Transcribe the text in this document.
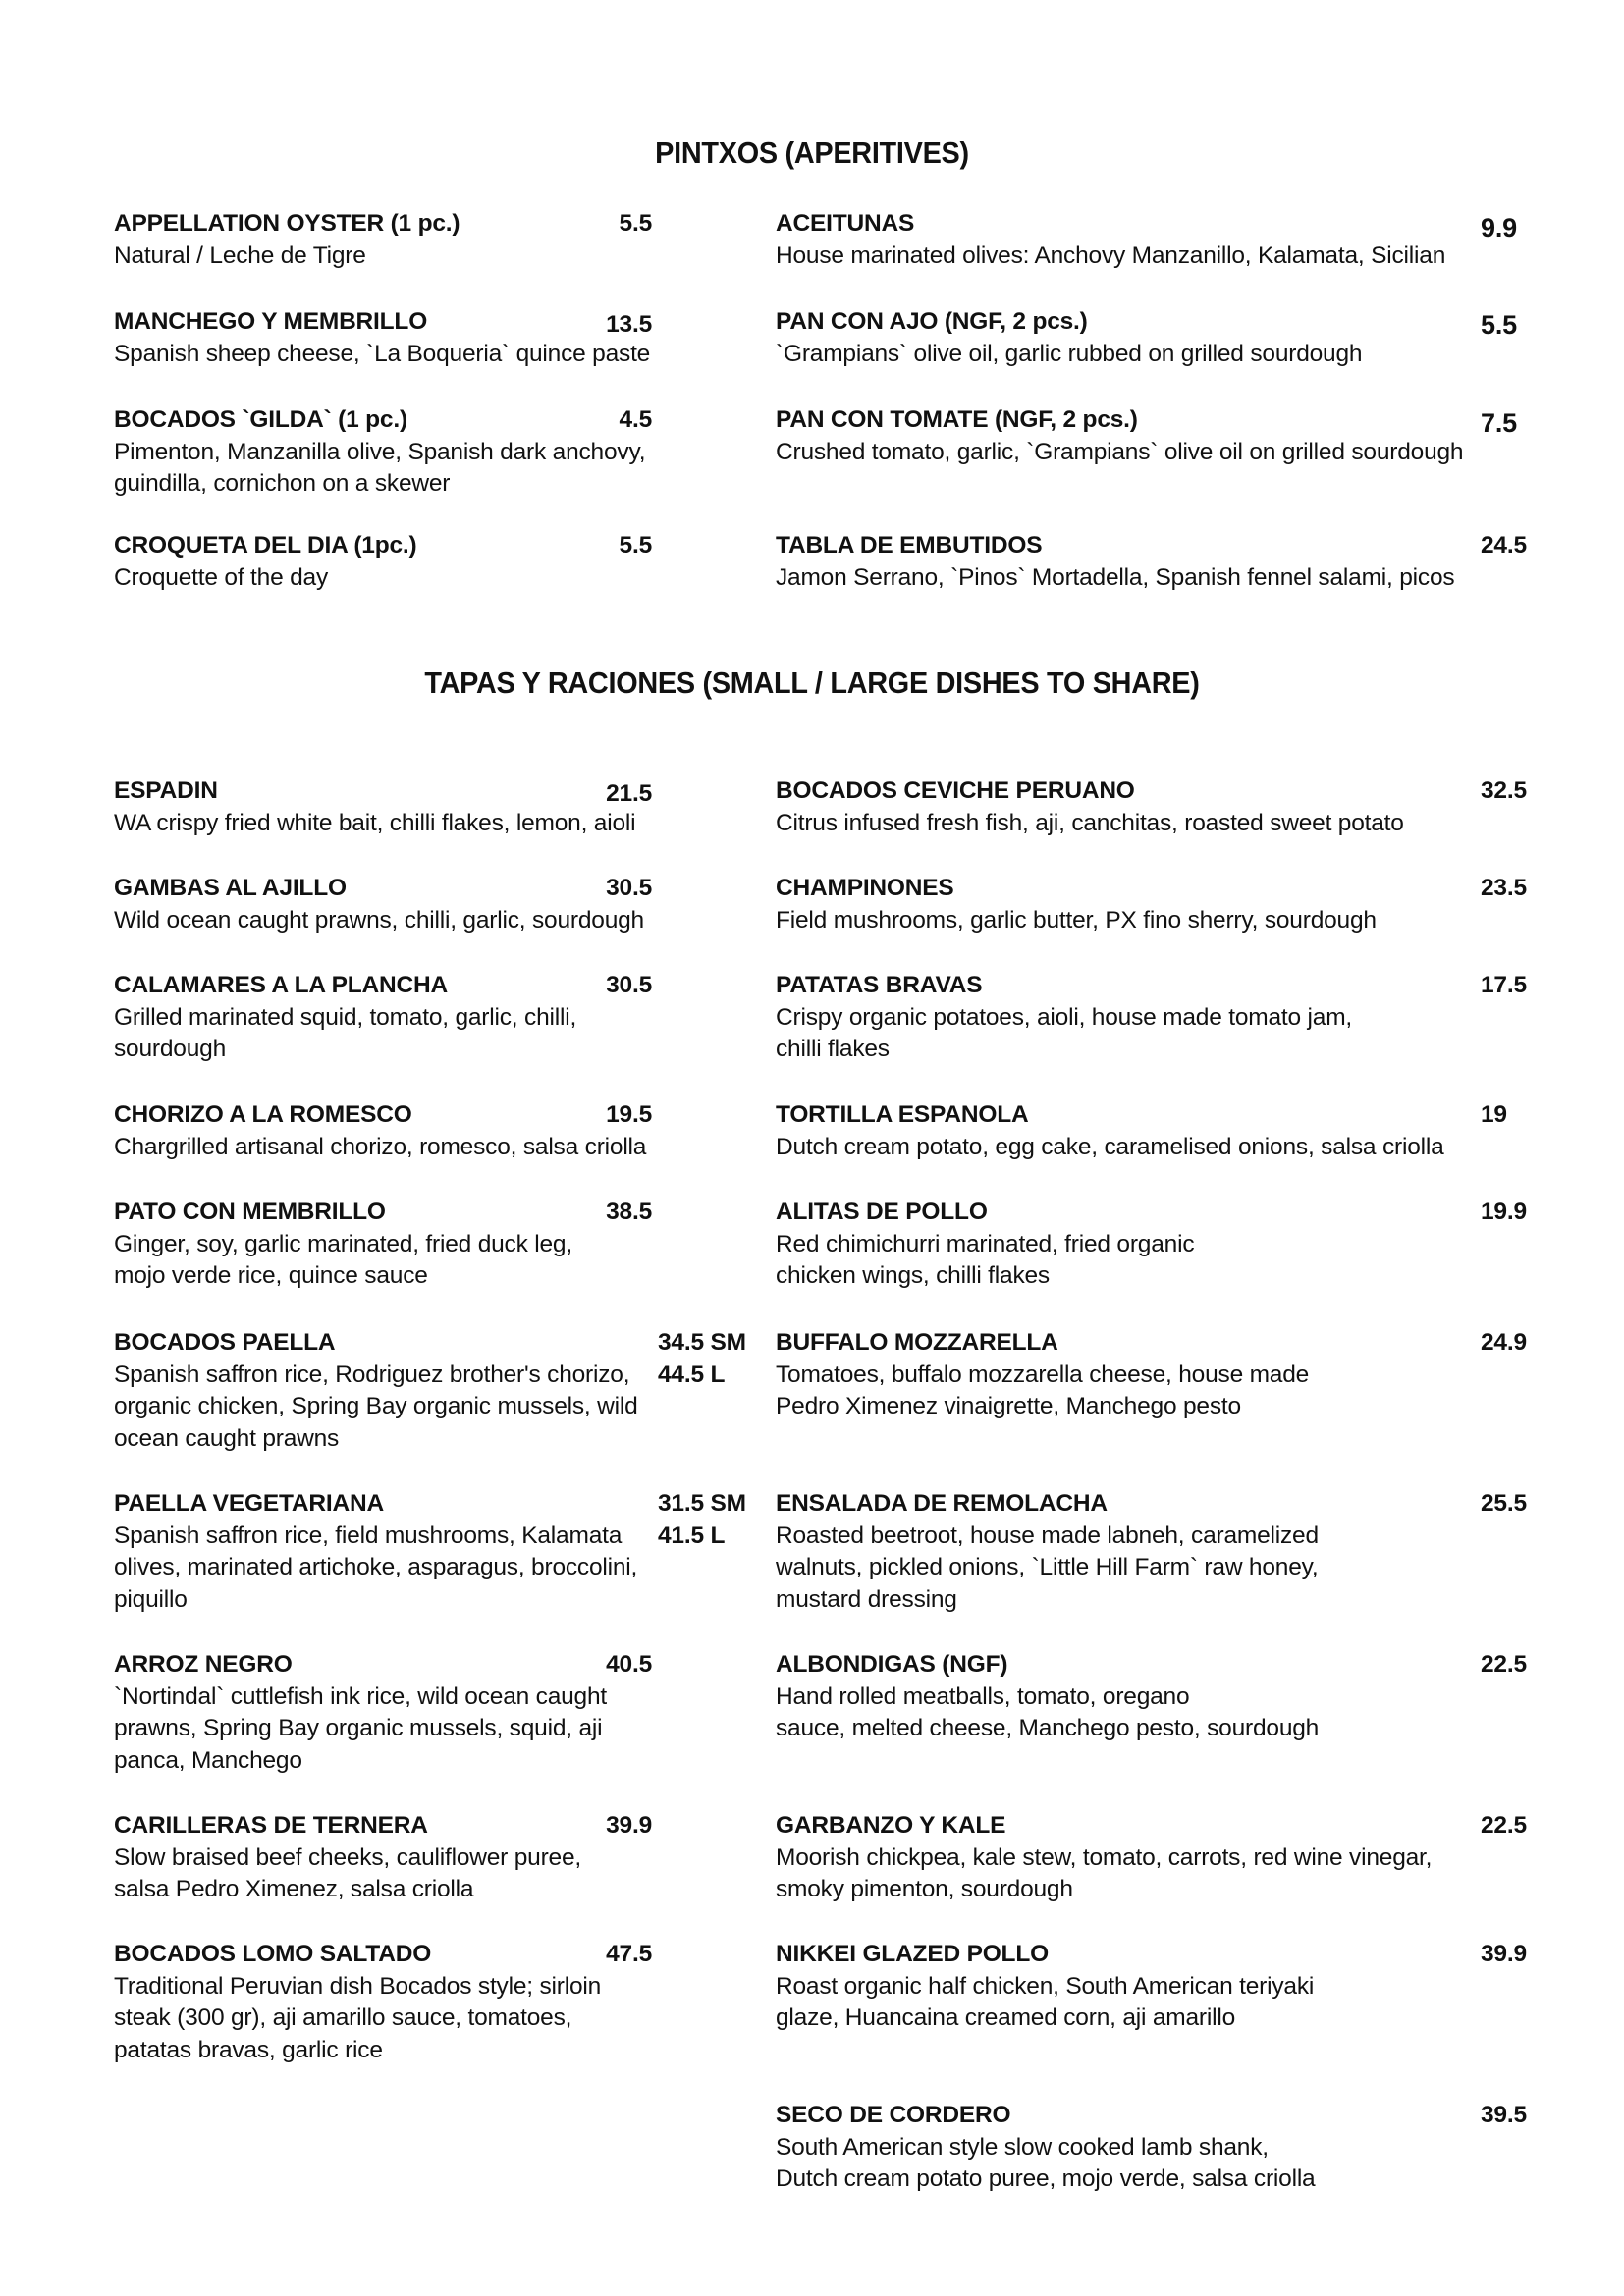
PINTXOS (APERITIVES)
APPELLATION OYSTER (1 pc.)
Natural / Leche de Tigre
5.5
MANCHEGO Y MEMBRILLO
Spanish sheep cheese, `La Boqueria` quince paste
13.5
BOCADOS `GILDA` (1 pc.)
Pimenton, Manzanilla olive, Spanish dark anchovy,
guindilla, cornichon on a skewer
4.5
CROQUETA DEL DIA (1pc.)
Croquette of the day
5.5
ACEITUNAS
House marinated olives: Anchovy Manzanillo, Kalamata, Sicilian
9.9
PAN CON AJO (NGF, 2 pcs.)
`Grampians` olive oil, garlic rubbed on grilled sourdough
5.5
PAN CON TOMATE (NGF, 2 pcs.)
Crushed tomato, garlic, `Grampians` olive oil on grilled sourdough
7.5
TABLA DE EMBUTIDOS
Jamon Serrano, `Pinos` Mortadella, Spanish fennel salami, picos
24.5
TAPAS Y RACIONES (SMALL / LARGE DISHES TO SHARE)
ESPADIN
WA crispy fried white bait, chilli flakes, lemon, aioli
21.5
GAMBAS AL AJILLO
Wild ocean caught prawns, chilli, garlic, sourdough
30.5
CALAMARES A LA PLANCHA
Grilled marinated squid, tomato, garlic, chilli,
sourdough
30.5
CHORIZO A LA ROMESCO
Chargrilled artisanal chorizo, romesco, salsa criolla
19.5
PATO CON MEMBRILLO
Ginger, soy, garlic marinated, fried duck leg,
mojo verde rice, quince sauce
38.5
BOCADOS PAELLA
Spanish saffron rice, Rodriguez brother's chorizo,
organic chicken, Spring Bay organic mussels, wild
ocean caught prawns
34.5 SM
44.5 L
PAELLA VEGETARIANA
Spanish saffron rice, field mushrooms, Kalamata
olives, marinated artichoke, asparagus, broccolini,
piquillo
31.5 SM
41.5 L
ARROZ NEGRO
`Nortindal` cuttlefish ink rice, wild ocean caught
prawns, Spring Bay organic mussels, squid, aji
panca, Manchego
40.5
CARILLERAS DE TERNERA
Slow braised beef cheeks, cauliflower puree,
salsa Pedro Ximenez, salsa criolla
39.9
BOCADOS LOMO SALTADO
Traditional Peruvian dish Bocados style; sirloin
steak (300 gr), aji amarillo sauce, tomatoes,
patatas bravas, garlic rice
47.5
BOCADOS CEVICHE PERUANO
Citrus infused fresh fish, aji, canchitas, roasted sweet potato
32.5
CHAMPINONES
Field mushrooms, garlic butter, PX fino sherry, sourdough
23.5
PATATAS BRAVAS
Crispy organic potatoes, aioli, house made tomato jam,
chilli flakes
17.5
TORTILLA ESPANOLA
Dutch cream potato, egg cake, caramelised onions, salsa criolla
19
ALITAS DE POLLO
Red chimichurri marinated, fried organic
chicken wings, chilli flakes
19.9
BUFFALO MOZZARELLA
Tomatoes, buffalo mozzarella cheese, house made
Pedro Ximenez vinaigrette, Manchego pesto
24.9
ENSALADA DE REMOLACHA
Roasted beetroot, house made labneh, caramelized
walnuts, pickled onions, `Little Hill Farm` raw honey,
mustard dressing
25.5
ALBONDIGAS (NGF)
Hand rolled meatballs, tomato, oregano
sauce, melted cheese, Manchego pesto, sourdough
22.5
GARBANZO Y KALE
Moorish chickpea, kale stew, tomato, carrots, red wine vinegar,
smoky pimenton, sourdough
22.5
NIKKEI GLAZED POLLO
Roast organic half chicken, South American teriyaki
glaze, Huancaina creamed corn, aji amarillo
39.9
SECO DE CORDERO
South American style slow cooked lamb shank,
Dutch cream potato puree, mojo verde, salsa criolla
39.5
